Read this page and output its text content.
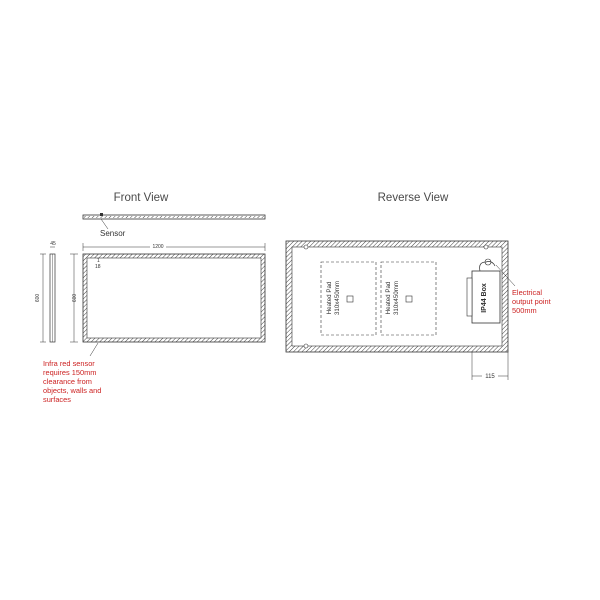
Front View
Sensor
1200
1
18
600
45
600
Infra red sensor
requires 150mm
clearance from
objects, walls and
surfaces
Reverse View
Heated Pad 310x450mm	Heated Pad 310x450mm	IP44 Box	Electrical
output point
500mm
115
